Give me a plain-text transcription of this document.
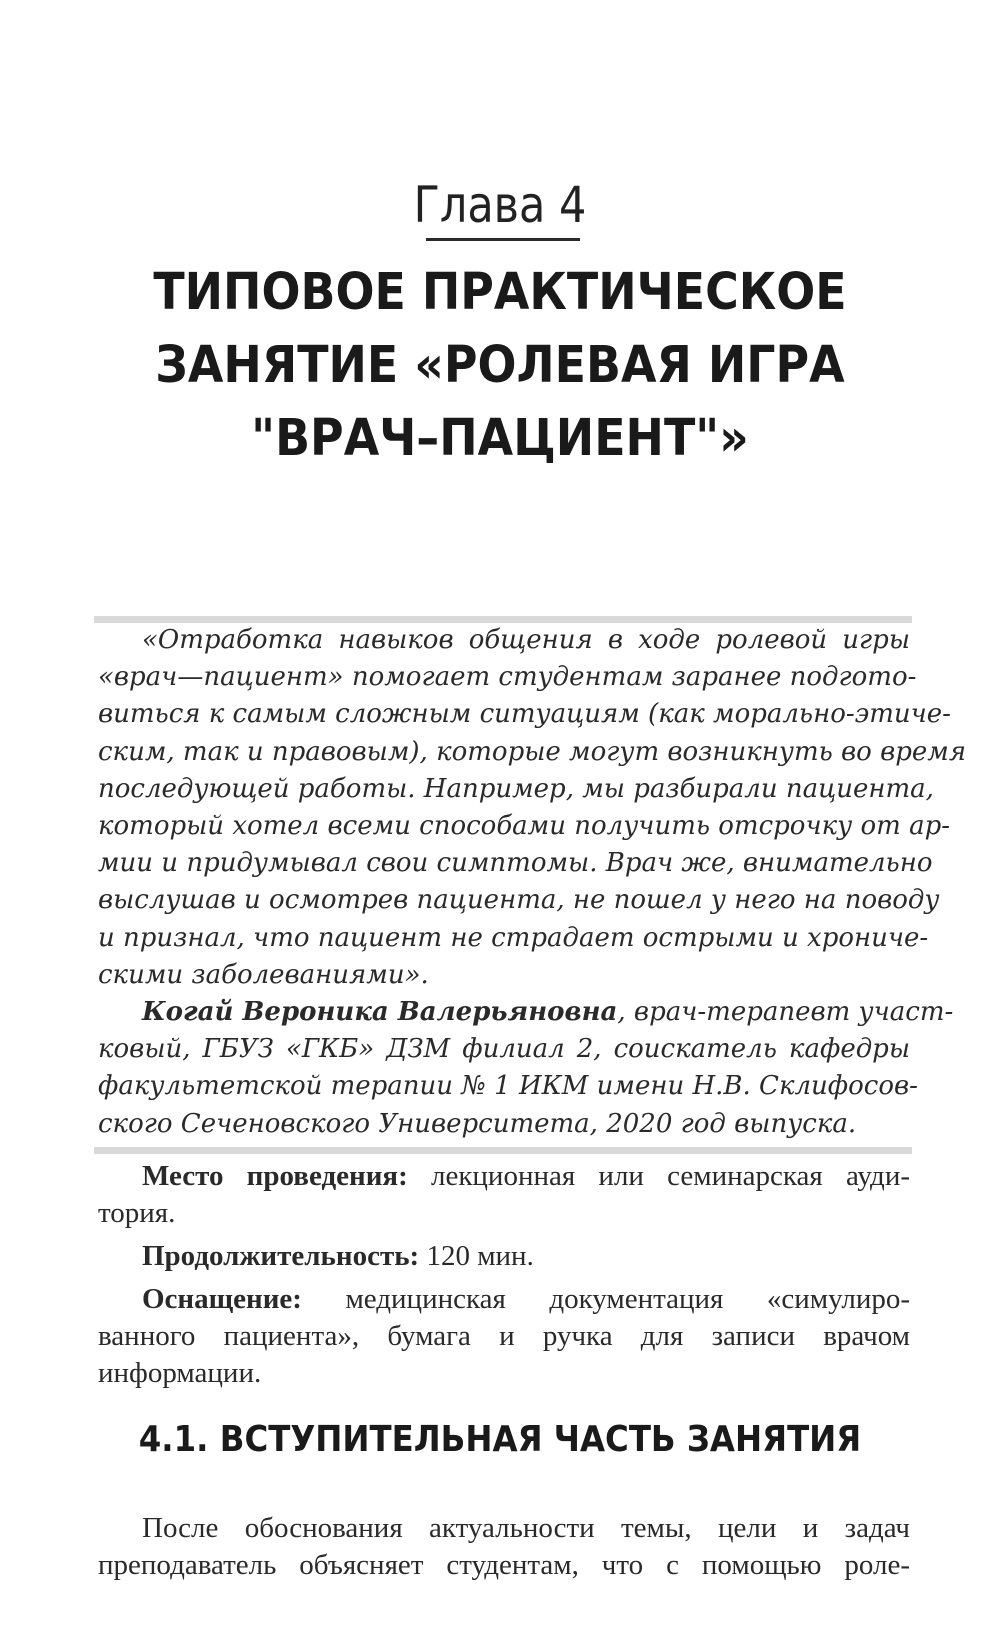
Глава 4
ТИПОВОЕ ПРАКТИЧЕСКОЕ
ЗАНЯТИЕ «РОЛЕВАЯ ИГРА
"ВРАЧ–ПАЦИЕНТ"»
«Отработка навыков общения в ходе ролевой игры
«врач—пациент» помогает студентам заранее подгото-
виться к самым сложным ситуациям (как морально-этиче-
ским, так и правовым), которые могут возникнуть во время
последующей работы. Например, мы разбирали пациента,
который хотел всеми способами получить отсрочку от ар-
мии и придумывал свои симптомы. Врач же, внимательно
выслушав и осмотрев пациента, не пошел у него на поводу
и признал, что пациент не страдает острыми и хрониче-
скими заболеваниями».
Когай Вероника Валерьяновна, врач-терапевт участ-
ковый, ГБУЗ «ГКБ» ДЗМ филиал 2, соискатель кафедры
факультетской терапии № 1 ИКМ имени Н.В. Склифосов-
ского Сеченовского Университета, 2020 год выпуска.
Место проведения: лекционная или семинарская ауди-
тория.
Продолжительность: 120 мин.
Оснащение: медицинская документация «симулиро-
ванного пациента», бумага и ручка для записи врачом
информации.
4.1. ВСТУПИТЕЛЬНАЯ ЧАСТЬ ЗАНЯТИЯ
После обоснования актуальности темы, цели и задач
преподаватель объясняет студентам, что с помощью роле-
